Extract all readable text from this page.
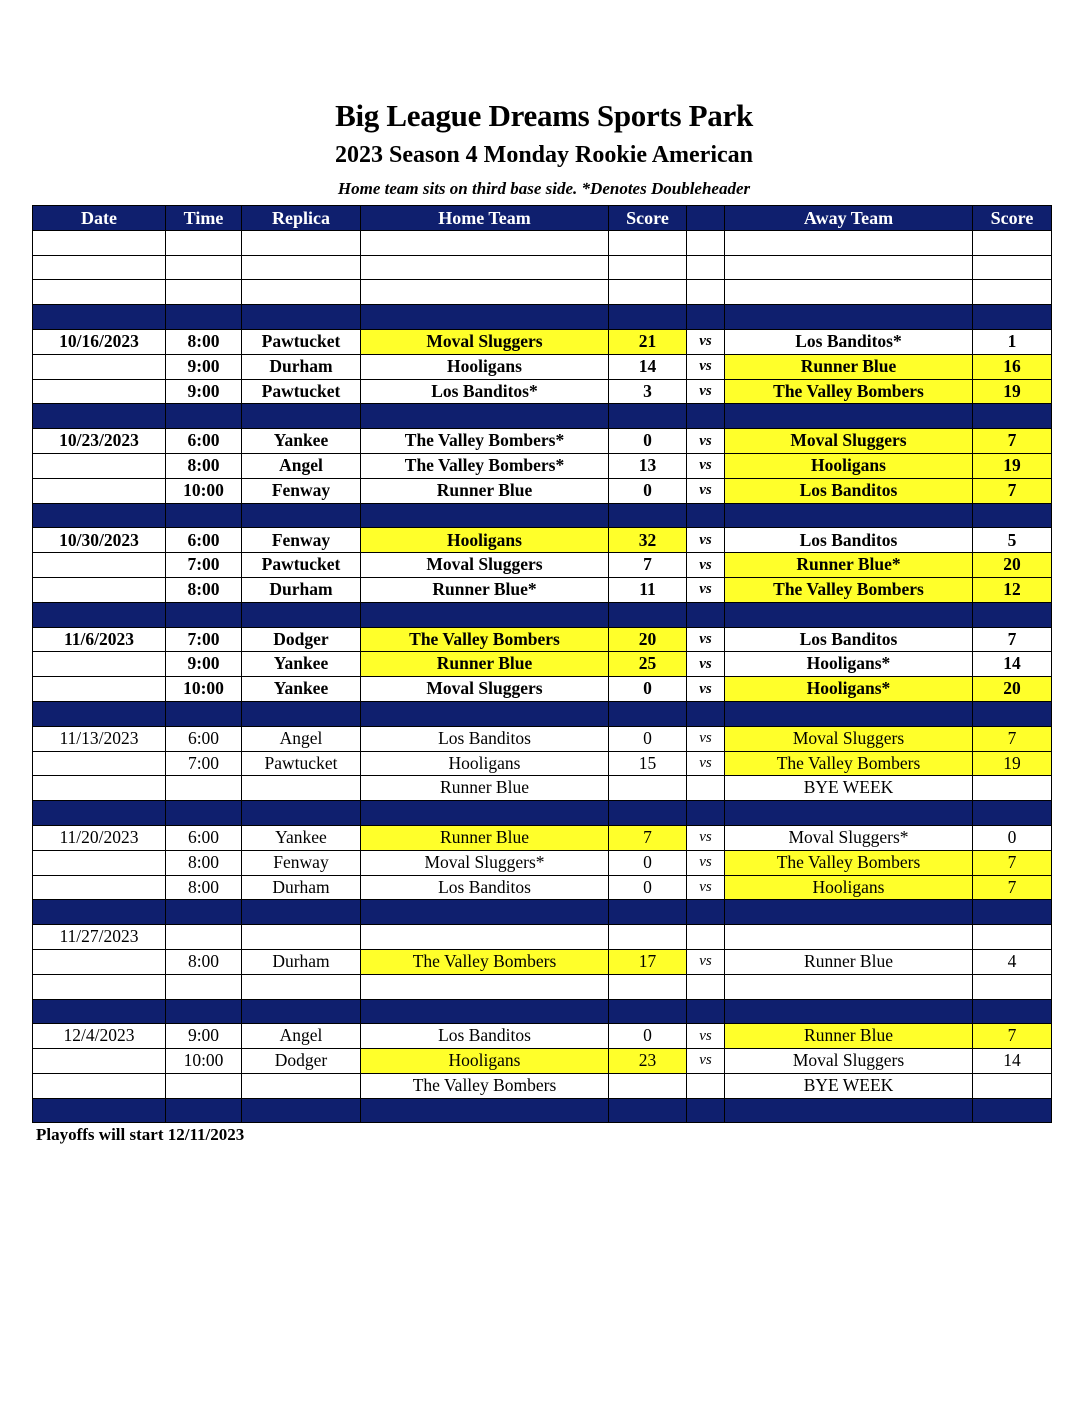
Big League Dreams Sports Park
2023 Season 4 Monday Rookie American
Home team sits on third base side. *Denotes Doubleheader
Date	Time	Replica	Home Team	Score		Away Team	Score

10/16/2023	8:00	Pawtucket	Moval Sluggers	21	vs	Los Banditos*	1
	9:00	Durham	Hooligans	14	vs	Runner Blue	16
	9:00	Pawtucket	Los Banditos*	3	vs	The Valley Bombers	19

10/23/2023	6:00	Yankee	The Valley Bombers*	0	vs	Moval Sluggers	7
	8:00	Angel	The Valley Bombers*	13	vs	Hooligans	19
	10:00	Fenway	Runner Blue	0	vs	Los Banditos	7

10/30/2023	6:00	Fenway	Hooligans	32	vs	Los Banditos	5
	7:00	Pawtucket	Moval Sluggers	7	vs	Runner Blue*	20
	8:00	Durham	Runner Blue*	11	vs	The Valley Bombers	12

11/6/2023	7:00	Dodger	The Valley Bombers	20	vs	Los Banditos	7
	9:00	Yankee	Runner Blue	25	vs	Hooligans*	14
	10:00	Yankee	Moval Sluggers	0	vs	Hooligans*	20

11/13/2023	6:00	Angel	Los Banditos	0	vs	Moval Sluggers	7
	7:00	Pawtucket	Hooligans	15	vs	The Valley Bombers	19
			Runner Blue			BYE WEEK	

11/20/2023	6:00	Yankee	Runner Blue	7	vs	Moval Sluggers*	0
	8:00	Fenway	Moval Sluggers*	0	vs	The Valley Bombers	7
	8:00	Durham	Los Banditos	0	vs	Hooligans	7

11/27/2023							
	8:00	Durham	The Valley Bombers	17	vs	Runner Blue	4

12/4/2023	9:00	Angel	Los Banditos	0	vs	Runner Blue	7
	10:00	Dodger	Hooligans	23	vs	Moval Sluggers	14
			The Valley Bombers			BYE WEEK	

Playoffs will start 12/11/2023
